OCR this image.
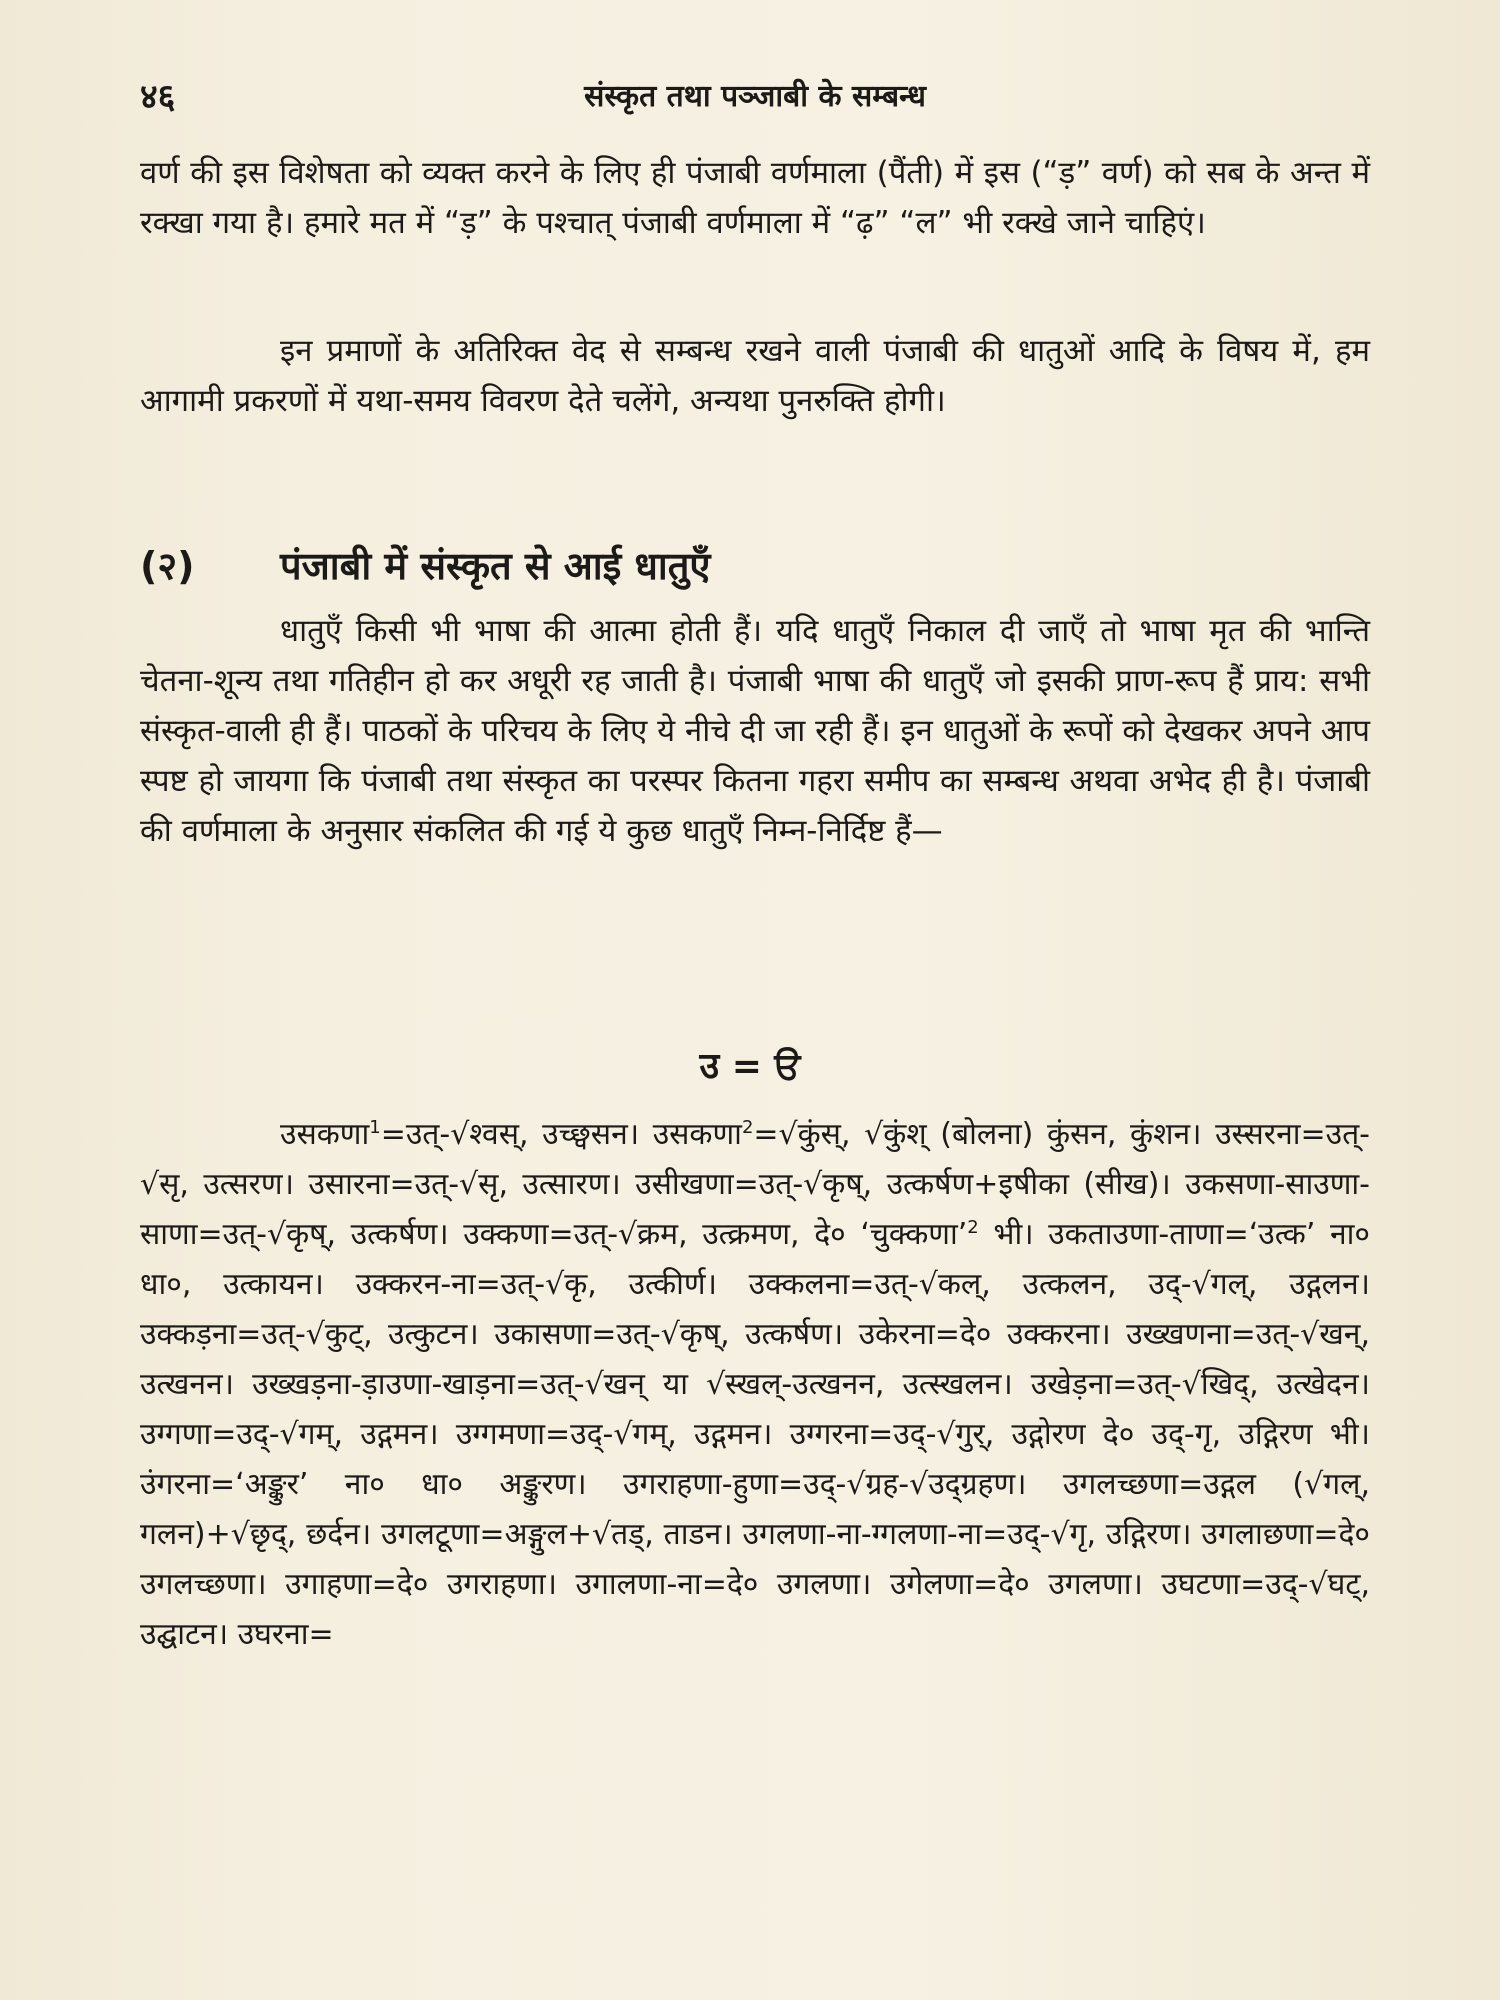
४६	संस्कृत तथा पञ्जाबी के सम्बन्ध

वर्ण की इस विशेषता को व्यक्त करने के लिए ही पंजाबी वर्णमाला (पैंती) में इस (“ड़” वर्ण) को सब के अन्त में रक्खा गया है। हमारे मत में “ड़” के पश्चात् पंजाबी वर्णमाला में “ढ़” “ल” भी रक्खे जाने चाहिएं।

इन प्रमाणों के अतिरिक्त वेद से सम्बन्ध रखने वाली पंजाबी की धातुओं आदि के विषय में, हम आगामी प्रकरणों में यथा-समय विवरण देते चलेंगे, अन्यथा पुनरुक्ति होगी।

(२) पंजाबी में संस्कृत से आई धातुएँ

धातुएँ किसी भी भाषा की आत्मा होती हैं। यदि धातुएँ निकाल दी जाएँ तो भाषा मृत की भान्ति चेतना-शून्य तथा गतिहीन हो कर अधूरी रह जाती है। पंजाबी भाषा की धातुएँ जो इसकी प्राण-रूप हैं प्राय: सभी संस्कृत-वाली ही हैं। पाठकों के परिचय के लिए ये नीचे दी जा रही हैं। इन धातुओं के रूपों को देखकर अपने आप स्पष्ट हो जायगा कि पंजाबी तथा संस्कृत का परस्पर कितना गहरा समीप का सम्बन्ध अथवा अभेद ही है। पंजाबी की वर्णमाला के अनुसार संकलित की गई ये कुछ धातुएँ निम्न-निर्दिष्ट हैं—

उ = ੳ

उसकणा$^1$=उत्-√श्वस्, उच्छ्वसन। उसकणा$^2$=√कुंस्, √कुंश् (बोलना) कुंसन, कुंशन। उस्सरना=उत्-√सृ, उत्सरण। उसारना=उत्-√सृ, उत्सारण। उसीखणा=उत्-√कृष्, उत्कर्षण+इषीका (सीख)। उकसणा-साउणा-साणा=उत्-√कृष्, उत्कर्षण। उक्कणा=उत्-√क्रम, उत्क्रमण, दे० ‘चुक्कणा’$^2$ भी। उकताउणा-ताणा=‘उत्क’ ना० धा०, उत्कायन। उक्करन-ना=उत्-√कृ, उत्कीर्ण। उक्कलना=उत्-√कल्, उत्कलन, उद्-√गल्, उद्गलन। उक्कड़ना=उत्-√कुट्, उत्कुटन। उकासणा=उत्-√कृष्, उत्कर्षण। उकेरना=दे० उक्करना। उख्खणना=उत्-√खन्, उत्खनन। उख्खड़ना-ड़ाउणा-खाड़ना=उत्-√खन् या √स्खल्-उत्खनन, उत्स्खलन। उखेड़ना=उत्-√खिद्, उत्खेदन। उग्गणा=उद्-√गम्, उद्गमन। उग्गमणा=उद्-√गम्, उद्गमन। उग्गरना=उद्-√गुर्, उद्गोरण दे० उद्-गृ, उद्गिरण भी। उंगरना=‘अङ्कुर’ ना० धा० अङ्कुरण। उगराहणा-हुणा=उद्-√ग्रह-√उद्ग्रहण। उगलच्छणा=उद्गल (√गल्, गलन)+√छृद्, छर्दन। उगलटूणा=अङ्गुल+√तड्, ताडन। उगलणा-ना-ग्गलणा-ना=उद्-√गृ, उद्गिरण। उगलाछणा=दे० उगलच्छणा। उगाहणा=दे० उगराहणा। उगालणा-ना=दे० उगलणा। उगेलणा=दे० उगलणा। उघटणा=उद्-√घट्, उद्घाटन। उघरना=
